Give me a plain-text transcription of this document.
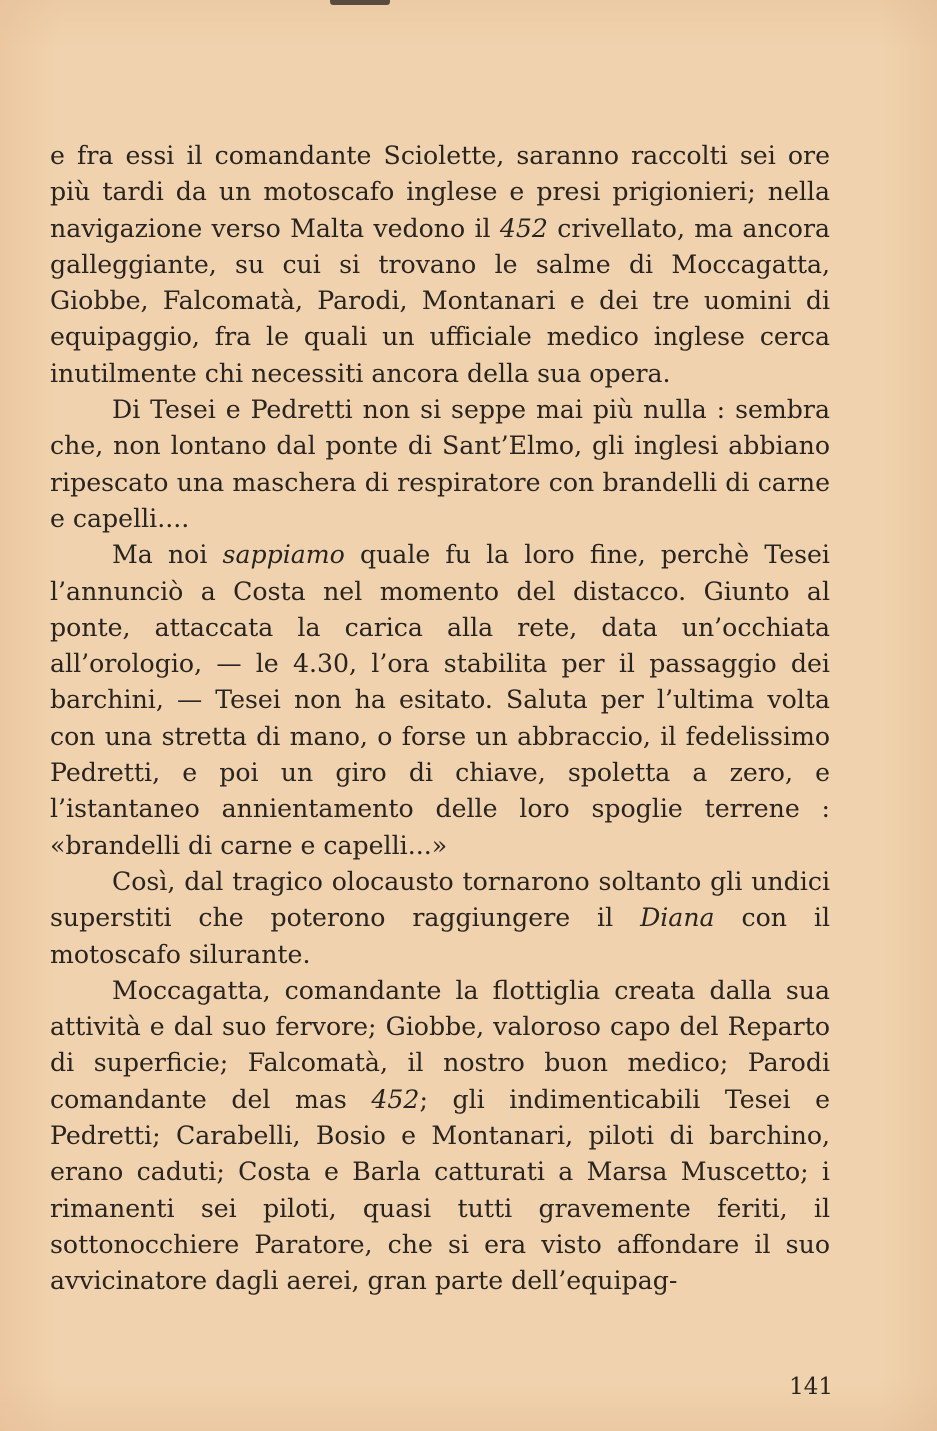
e fra essi il comandante Sciolette, saranno raccolti sei ore più tardi da un motoscafo inglese e presi prigionieri; nella navigazione verso Malta vedono il 452 crivellato, ma ancora galleggiante, su cui si trovano le salme di Moccagatta, Giobbe, Falcomatà, Parodi, Montanari e dei tre uomini di equipaggio, fra le quali un ufficiale medico inglese cerca inutilmente chi necessiti ancora della sua opera.

Di Tesei e Pedretti non si seppe mai più nulla : sembra che, non lontano dal ponte di Sant’Elmo, gli inglesi abbiano ripescato una maschera di respiratore con brandelli di carne e capelli....

Ma noi sappiamo quale fu la loro fine, perchè Tesei l’annunciò a Costa nel momento del distacco. Giunto al ponte, attaccata la carica alla rete, data un’occhiata all’orologio, — le 4.30, l’ora stabilita per il passaggio dei barchini, — Tesei non ha esitato. Saluta per l’ultima volta con una stretta di mano, o forse un abbraccio, il fedelissimo Pedretti, e poi un giro di chiave, spoletta a zero, e l’istantaneo annientamento delle loro spoglie terrene : «brandelli di carne e capelli...»

Così, dal tragico olocausto tornarono soltanto gli undici superstiti che poterono raggiungere il Diana con il motoscafo silurante.

Moccagatta, comandante la flottiglia creata dalla sua attività e dal suo fervore; Giobbe, valoroso capo del Reparto di superficie; Falcomatà, il nostro buon medico; Parodi comandante del mas 452; gli indimenticabili Tesei e Pedretti; Carabelli, Bosio e Montanari, piloti di barchino, erano caduti; Costa e Barla catturati a Marsa Muscetto; i rimanenti sei piloti, quasi tutti gravemente feriti, il sottonocchiere Paratore, che si era visto affondare il suo avvicinatore dagli aerei, gran parte dell’equipag-

141
